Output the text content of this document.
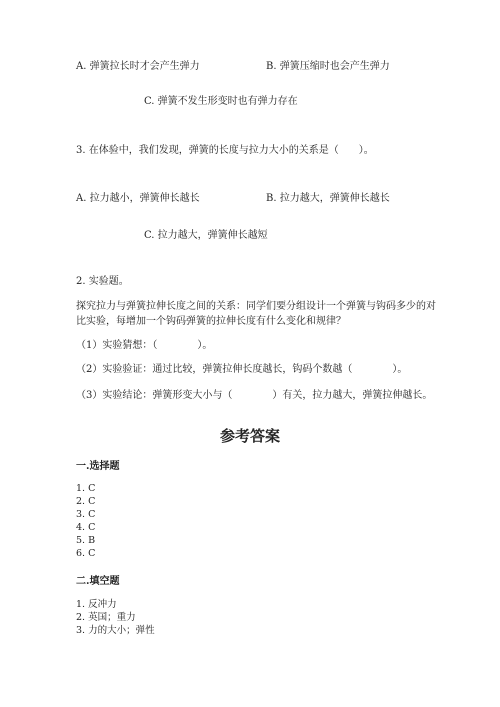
A. 弹簧拉长时才会产生弹力	B. 弹簧压缩时也会产生弹力
C. 弹簧不发生形变时也有弹力存在
3. 在体验中，我们发现，弹簧的长度与拉力大小的关系是（　　）。
A. 拉力越小，弹簧伸长越长	B. 拉力越大，弹簧伸长越长
C. 拉力越大，弹簧伸长越短
2. 实验题。
探究拉力与弹簧拉伸长度之间的关系：同学们要分组设计一个弹簧与钩码多少的对比实验，每增加一个钩码弹簧的拉伸长度有什么变化和规律？
（1）实验猜想：（　　　　）。
（2）实验验证：通过比较，弹簧拉伸长度越长，钩码个数越（　　　　）。
（3）实验结论：弹簧形变大小与（　　　　）有关，拉力越大，弹簧拉伸越长。
参考答案
一.选择题
1. C
2. C
3. C
4. C
5. B
6. C
二.填空题
1. 反冲力
2. 英国；重力
3. 力的大小；弹性
